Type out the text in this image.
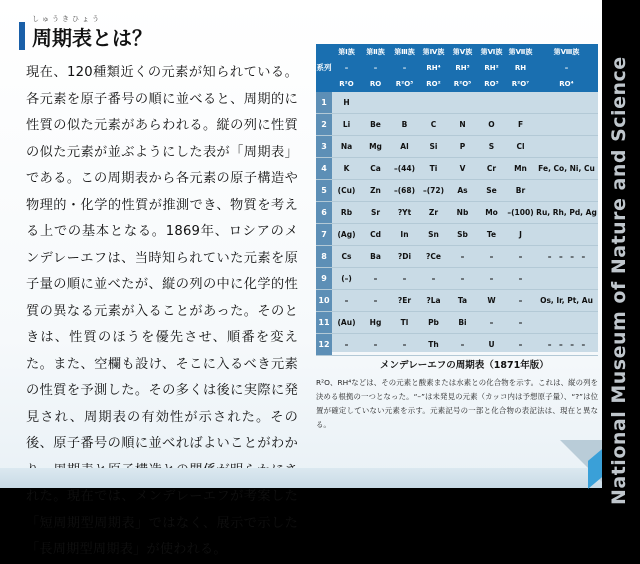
しゅうきひょう
周期表とは？
現在、120種類近くの元素が知られている。各元素を原子番号の順に並べると、周期的に性質の似た元素があらわれる。縦の列に性質の似た元素が並ぶようにした表が「周期表」である。この周期表から各元素の原子構造や物理的・化学的性質が推測でき、物質を考える上での基本となる。1869年、ロシアのメンデレーエフは、当時知られていた元素を原子量の順に並べたが、縦の列の中に化学的性質の異なる元素が入ることがあった。そのときは、性質のほうを優先させ、順番を変えた。また、空欄も設け、そこに入るべき元素の性質を予測した。その多くは後に実際に発見され、周期表の有効性が示された。その後、原子番号の順に並べればよいことがわか れた。現在では、メンデレーエフが考案した「短周期型周期表」ではなく、展示で示した「長周期型周期表」が使われる。
系列	第Ⅰ族	第Ⅱ族	第Ⅲ族	第Ⅳ族	第Ⅴ族	第Ⅵ族	第Ⅶ族	第Ⅷ族
	–	–	–	RH⁴	RH³	RH²	RH	–
	R²O	RO	R²O³	RO²	R²O⁵	RO³	R²O⁷	RO⁴
1	H							
2	Li	Be	B	C	N	O	F	
3	Na	Mg	Al	Si	P	S	Cl	
4	K	Ca	–(44)	Ti	V	Cr	Mn	Fe, Co, Ni, Cu
5	(Cu)	Zn	–(68)	–(72)	As	Se	Br	
6	Rb	Sr	?Yt	Zr	Nb	Mo	–(100)	Ru, Rh, Pd, Ag
7	(Ag)	Cd	In	Sn	Sb	Te	J	
8	Cs	Ba	?Di	?Ce	–	–	–	–　–　–　–
9	(–)	–	–	–	–	–	–	
10	–	–	?Er	?La	Ta	W	–	Os, Ir, Pt, Au
11	(Au)	Hg	Tl	Pb	Bi	–	–	
12	–	–	–	Th	–	U	–	–　–　–　–
メンデレーエフの周期表（1871年版）
R²O、RH⁴などは、その元素と酸素または水素との化合物を示す。これは、縦の列を決める根拠の一つとなった。“–”は未発見の元素（カッコ内は予想原子量）、“?”は位置が確定していない元素を示す。元素記号の一部と化合物の表記法は、現在と異なる。	National Museum of Nature and Science
